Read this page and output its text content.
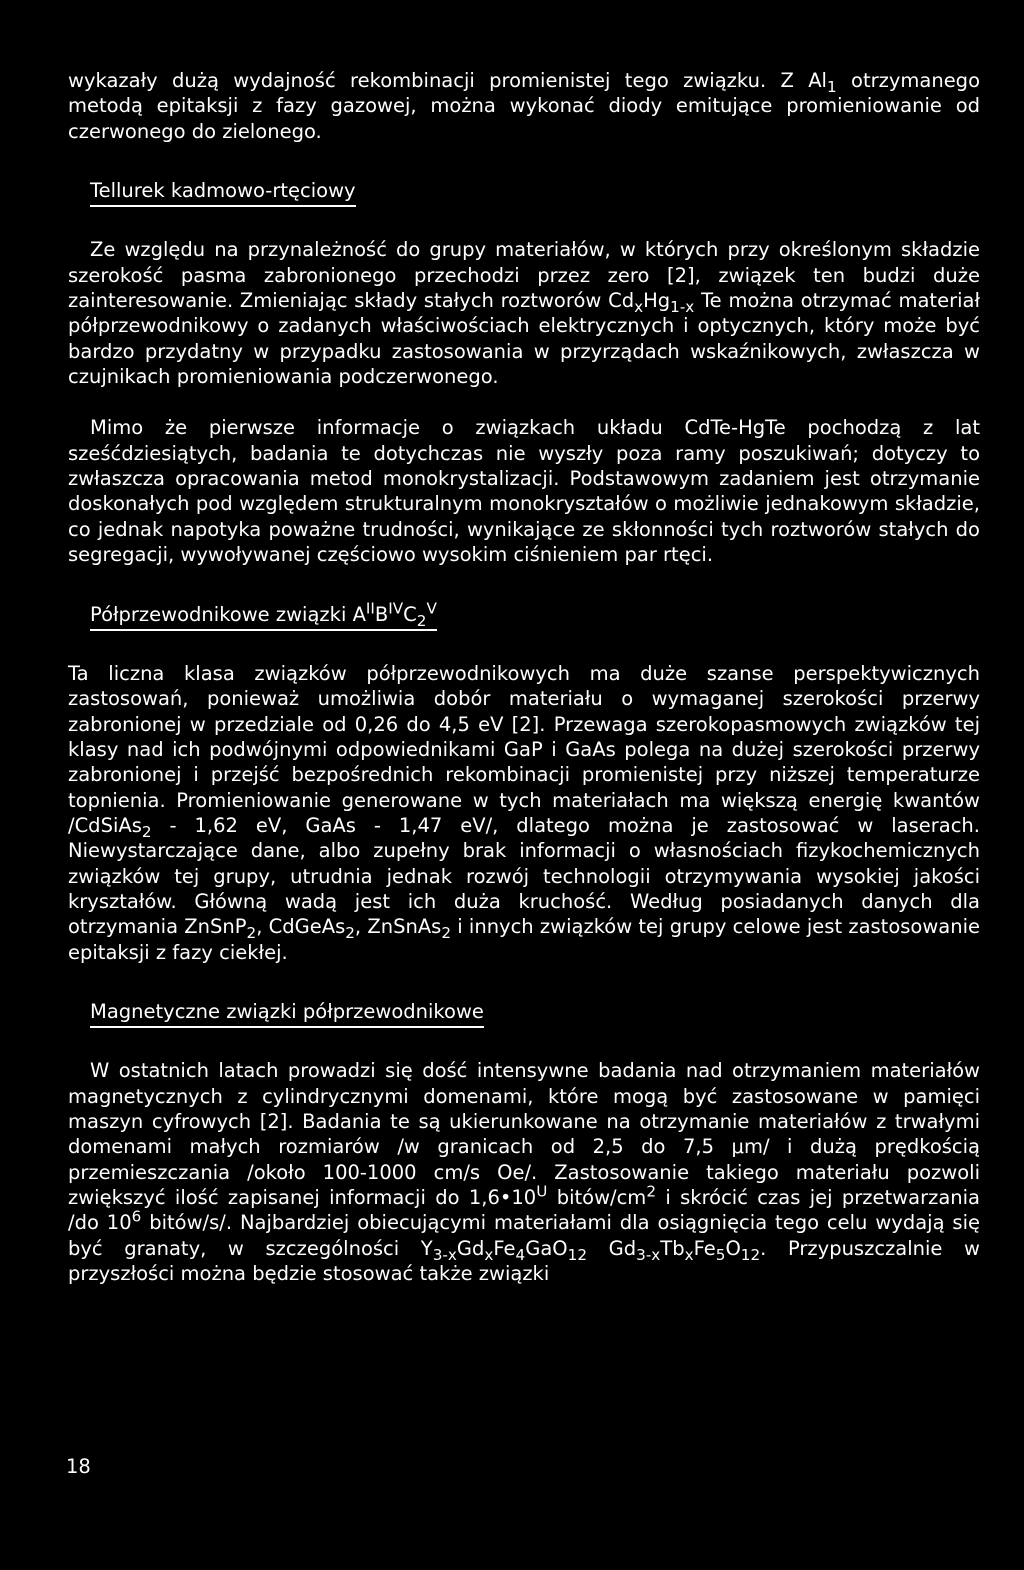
wykazały dużą wydajność rekombinacji promienistej tego związku. Z $Al_1$ otrzymanego metodą epitaksji z fazy gazowej, można wykonać diody emitujące promieniowanie od czerwonego do zielonego.

Tellurek kadmowo-rtęciowy

Ze względu na przynależność do grupy materiałów, w których przy określonym składzie szerokość pasma zabronionego przechodzi przez zero [2], związek ten budzi duże zainteresowanie. Zmieniając składy stałych roztworów $Cd_xHg_{1-x}$ Te można otrzymać materiał półprzewodnikowy o zadanych właściwościach elektrycznych i optycznych, który może być bardzo przydatny w przypadku zastosowania w przyrządach wskaźnikowych, zwłaszcza w czujnikach promieniowania podczerwonego.

Mimo że pierwsze informacje o związkach układu CdTe-HgTe pochodzą z lat sześćdziesiątych, badania te dotychczas nie wyszły poza ramy poszukiwań; dotyczy to zwłaszcza opracowania metod monokrystalizacji. Podstawowym zadaniem jest otrzymanie doskonałych pod względem strukturalnym monokryształów o możliwie jednakowym składzie, co jednak napotyka poważne trudności, wynikające ze skłonności tych roztworów stałych do segregacji, wywoływanej częściowo wysokim ciśnieniem par rtęci.

Półprzewodnikowe związki $A^{II}B^{IV}C_2^V$

Ta liczna klasa związków półprzewodnikowych ma duże szanse perspektywicznych zastosowań, ponieważ umożliwia dobór materiału o wymaganej szerokości przerwy zabronionej w przedziale od 0,26 do 4,5 eV [2]. Przewaga szerokopasmowych związków tej klasy nad ich podwójnymi odpowiednikami GaP i GaAs polega na dużej szerokości przerwy zabronionej i przejść bezpośrednich rekombinacji promienistej przy niższej temperaturze topnienia. Promieniowanie generowane w tych materiałach ma większą energię kwantów /CdSiAs$_2$ - 1,62 eV, GaAs - 1,47 eV/, dlatego można je zastosować w laserach. Niewystarczające dane, albo zupełny brak informacji o własnościach fizykochemicznych związków tej grupy, utrudnia jednak rozwój technologii otrzymywania wysokiej jakości kryształów. Główną wadą jest ich duża kruchość. Według posiadanych danych dla otrzymania ZnSnP$_2$, CdGeAs$_2$, ZnSnAs$_2$ i innych związków tej grupy celowe jest zastosowanie epitaksji z fazy ciekłej.

Magnetyczne związki półprzewodnikowe

W ostatnich latach prowadzi się dość intensywne badania nad otrzymaniem materiałów magnetycznych z cylindrycznymi domenami, które mogą być zastosowane w pamięci maszyn cyfrowych [2]. Badania te są ukierunkowane na otrzymanie materiałów z trwałymi domenami małych rozmiarów /w granicach od 2,5 do 7,5 μm/ i dużą prędkością przemieszczania /około 100-1000 cm/s Oe/. Zastosowanie takiego materiału pozwoli zwiększyć ilość zapisanej informacji do $1,6•10^U$ bitów/$cm^2$ i skrócić czas jej przetwarzania /do $10^6$ bitów/s/. Najbardziej obiecującymi materiałami dla osiągnięcia tego celu wydają się być granaty, w szczególności $Y_{3-x}Gd_xFe_4GaO_{12}$ $Gd_{3-x}Tb_xFe_5O_{12}$. Przypuszczalnie w przyszłości można będzie stosować także związki

18
